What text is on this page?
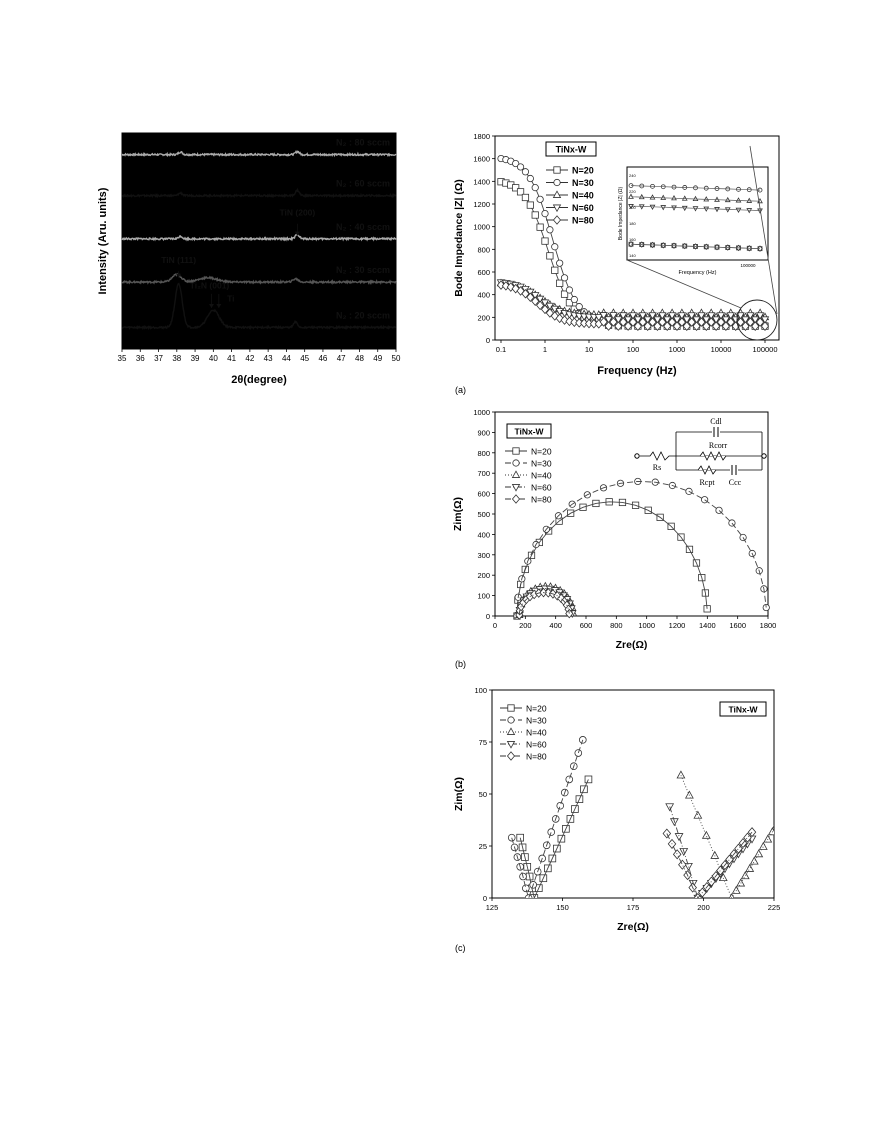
N₂ : 80 sccm
N₂ : 60 sccm
N₂ : 40 sccm
N₂ : 30 sccm
N₂ : 20 sccm
TiN (200)
TiN (111)
Ti₂N (001)
Ti
35 36 37 38 39 40 41 42 43 44 45 46 47 48 49 50
2θ(degree)
Intensity (Aru. units)
0.1	1	10	100	1000	10000	100000
0
200
400
600
800
1000
1200
1400
1600
1800
TiNx-W
N=20
N=30
N=40
N=60
N=80
Frequency (Hz)
100000
Bode Impedance |Z| (Ω)
240
220
200
180
160
140
Frequency (Hz)
Bode Impedance |Z| (Ω)
(a)
0	200 400 600 800 1000 1200 1400 1600 1800
0
100
200
300
400
500
600
700
800
900
1000
TiNx-W
N=20
N=30
N=40
N=60
N=80
Cdl
Rcorr
Rs
Rcpt Ccc
Zre(Ω)
Zim(Ω)
(b)
125	150	175	200	225
0
25
50
75
100
N=20
N=30
N=40
N=60
N=80
TiNx-W
Zre(Ω)
Zim(Ω)
(c)
